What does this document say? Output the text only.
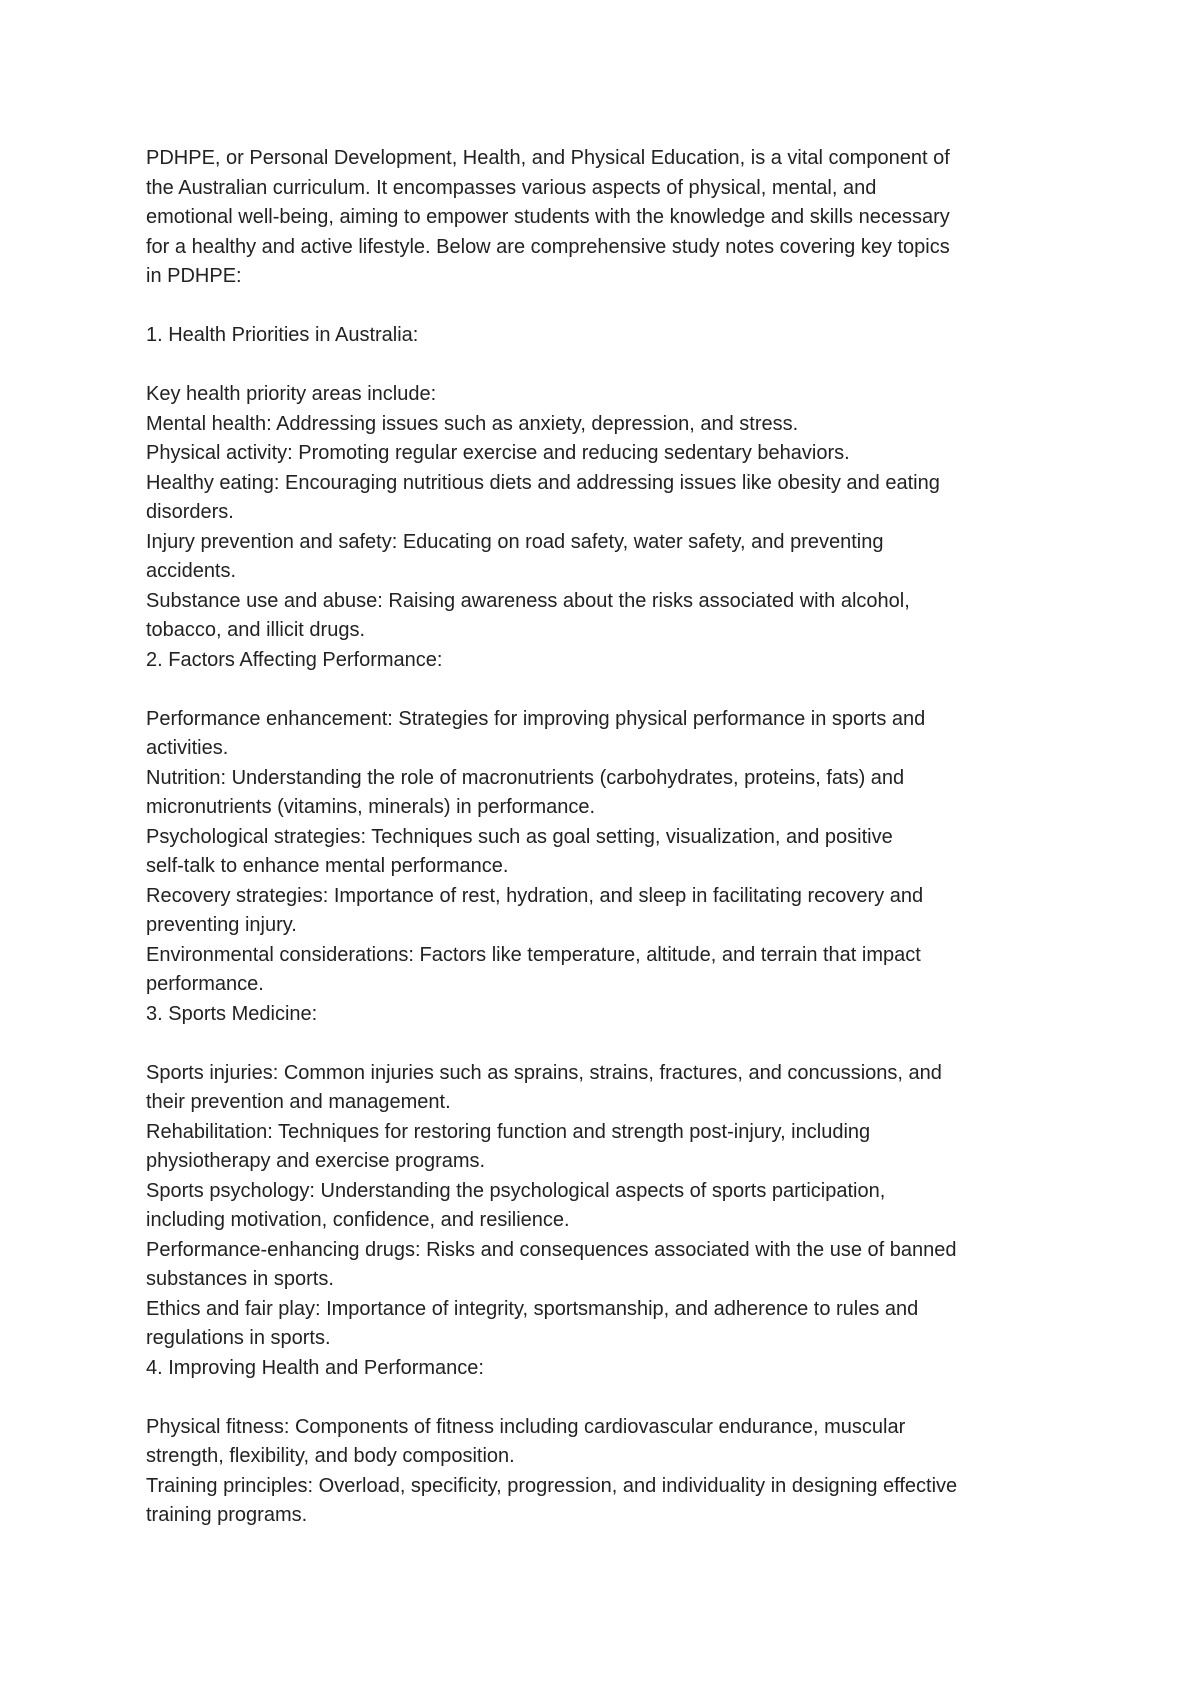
PDHPE, or Personal Development, Health, and Physical Education, is a vital component of
the Australian curriculum. It encompasses various aspects of physical, mental, and
emotional well-being, aiming to empower students with the knowledge and skills necessary
for a healthy and active lifestyle. Below are comprehensive study notes covering key topics
in PDHPE:
1. Health Priorities in Australia:
Key health priority areas include:
Mental health: Addressing issues such as anxiety, depression, and stress.
Physical activity: Promoting regular exercise and reducing sedentary behaviors.
Healthy eating: Encouraging nutritious diets and addressing issues like obesity and eating
disorders.
Injury prevention and safety: Educating on road safety, water safety, and preventing
accidents.
Substance use and abuse: Raising awareness about the risks associated with alcohol,
tobacco, and illicit drugs.
2. Factors Affecting Performance:
Performance enhancement: Strategies for improving physical performance in sports and
activities.
Nutrition: Understanding the role of macronutrients (carbohydrates, proteins, fats) and
micronutrients (vitamins, minerals) in performance.
Psychological strategies: Techniques such as goal setting, visualization, and positive
self-talk to enhance mental performance.
Recovery strategies: Importance of rest, hydration, and sleep in facilitating recovery and
preventing injury.
Environmental considerations: Factors like temperature, altitude, and terrain that impact
performance.
3. Sports Medicine:
Sports injuries: Common injuries such as sprains, strains, fractures, and concussions, and
their prevention and management.
Rehabilitation: Techniques for restoring function and strength post-injury, including
physiotherapy and exercise programs.
Sports psychology: Understanding the psychological aspects of sports participation,
including motivation, confidence, and resilience.
Performance-enhancing drugs: Risks and consequences associated with the use of banned
substances in sports.
Ethics and fair play: Importance of integrity, sportsmanship, and adherence to rules and
regulations in sports.
4. Improving Health and Performance:
Physical fitness: Components of fitness including cardiovascular endurance, muscular
strength, flexibility, and body composition.
Training principles: Overload, specificity, progression, and individuality in designing effective
training programs.
